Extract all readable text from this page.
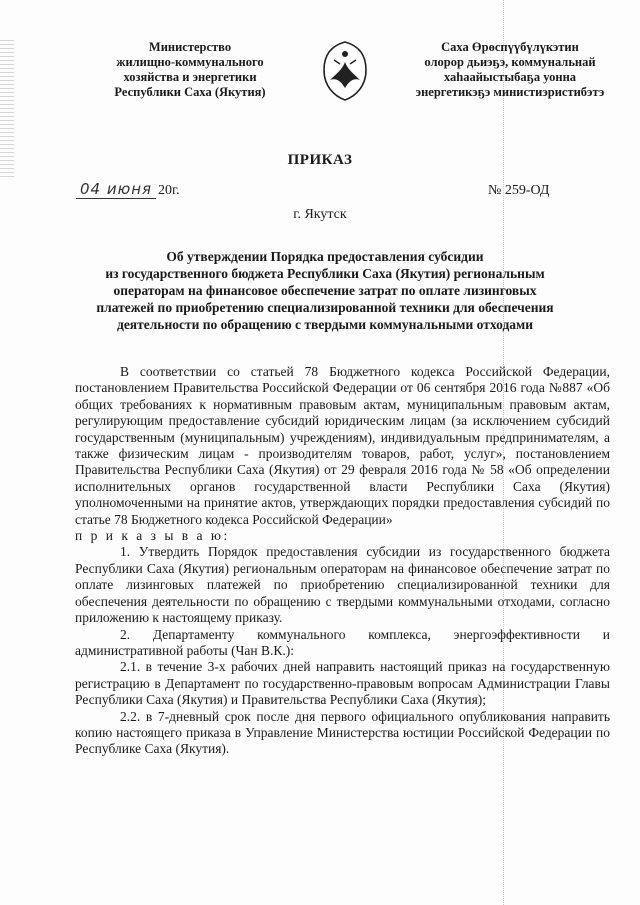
Министерство
жилищно-коммунального
хозяйства и энергетики
Республики Саха (Якутия)
Саха Өрөспүүбүлүкэтин
олорор дьиэҕэ, коммунальнай
хаһаайыстыбаҕа уонна
энергетикэҕэ министиэристибэтэ
ПРИКАЗ
04 июня 20г.	№ 259-ОД
г. Якутск
Об утверждении Порядка предоставления субсидии
из государственного бюджета Республики Саха (Якутия) региональным
операторам на финансовое обеспечение затрат по оплате лизинговых
платежей по приобретению специализированной техники для обеспечения
деятельности по обращению с твердыми коммунальными отходами

В соответствии со статьей 78 Бюджетного кодекса Российской Федерации, постановлением Правительства Российской Федерации от 06 сентября 2016 года №887 «Об общих требованиях к нормативным правовым актам, муниципальным правовым актам, регулирующим предоставление субсидий юридическим лицам (за исключением субсидий государственным (муниципальным) учреждениям), индивидуальным предпринимателям, а также физическим лицам - производителям товаров, работ, услуг», постановлением Правительства Республики Саха (Якутия) от 29 февраля 2016 года № 58 «Об определении исполнительных органов государственной власти Республики Саха (Якутия) уполномоченными на принятие актов, утверждающих порядки предоставления субсидий по статье 78 Бюджетного кодекса Российской Федерации»

п р и к а з ы в а ю:

1. Утвердить Порядок предоставления субсидии из государственного бюджета Республики Саха (Якутия) региональным операторам на финансовое обеспечение затрат по оплате лизинговых платежей по приобретению специализированной техники для обеспечения деятельности по обращению с твердыми коммунальными отходами, согласно приложению к настоящему приказу.

2. Департаменту коммунального комплекса, энергоэффективности и административной работы (Чан В.К.):

2.1. в течение 3-х рабочих дней направить настоящий приказ на государственную регистрацию в Департамент по государственно-правовым вопросам Администрации Главы Республики Саха (Якутия) и Правительства Республики Саха (Якутия);

2.2. в 7-дневный срок после дня первого официального опубликования направить копию настоящего приказа в Управление Министерства юстиции Российской Федерации по Республике Саха (Якутия).
